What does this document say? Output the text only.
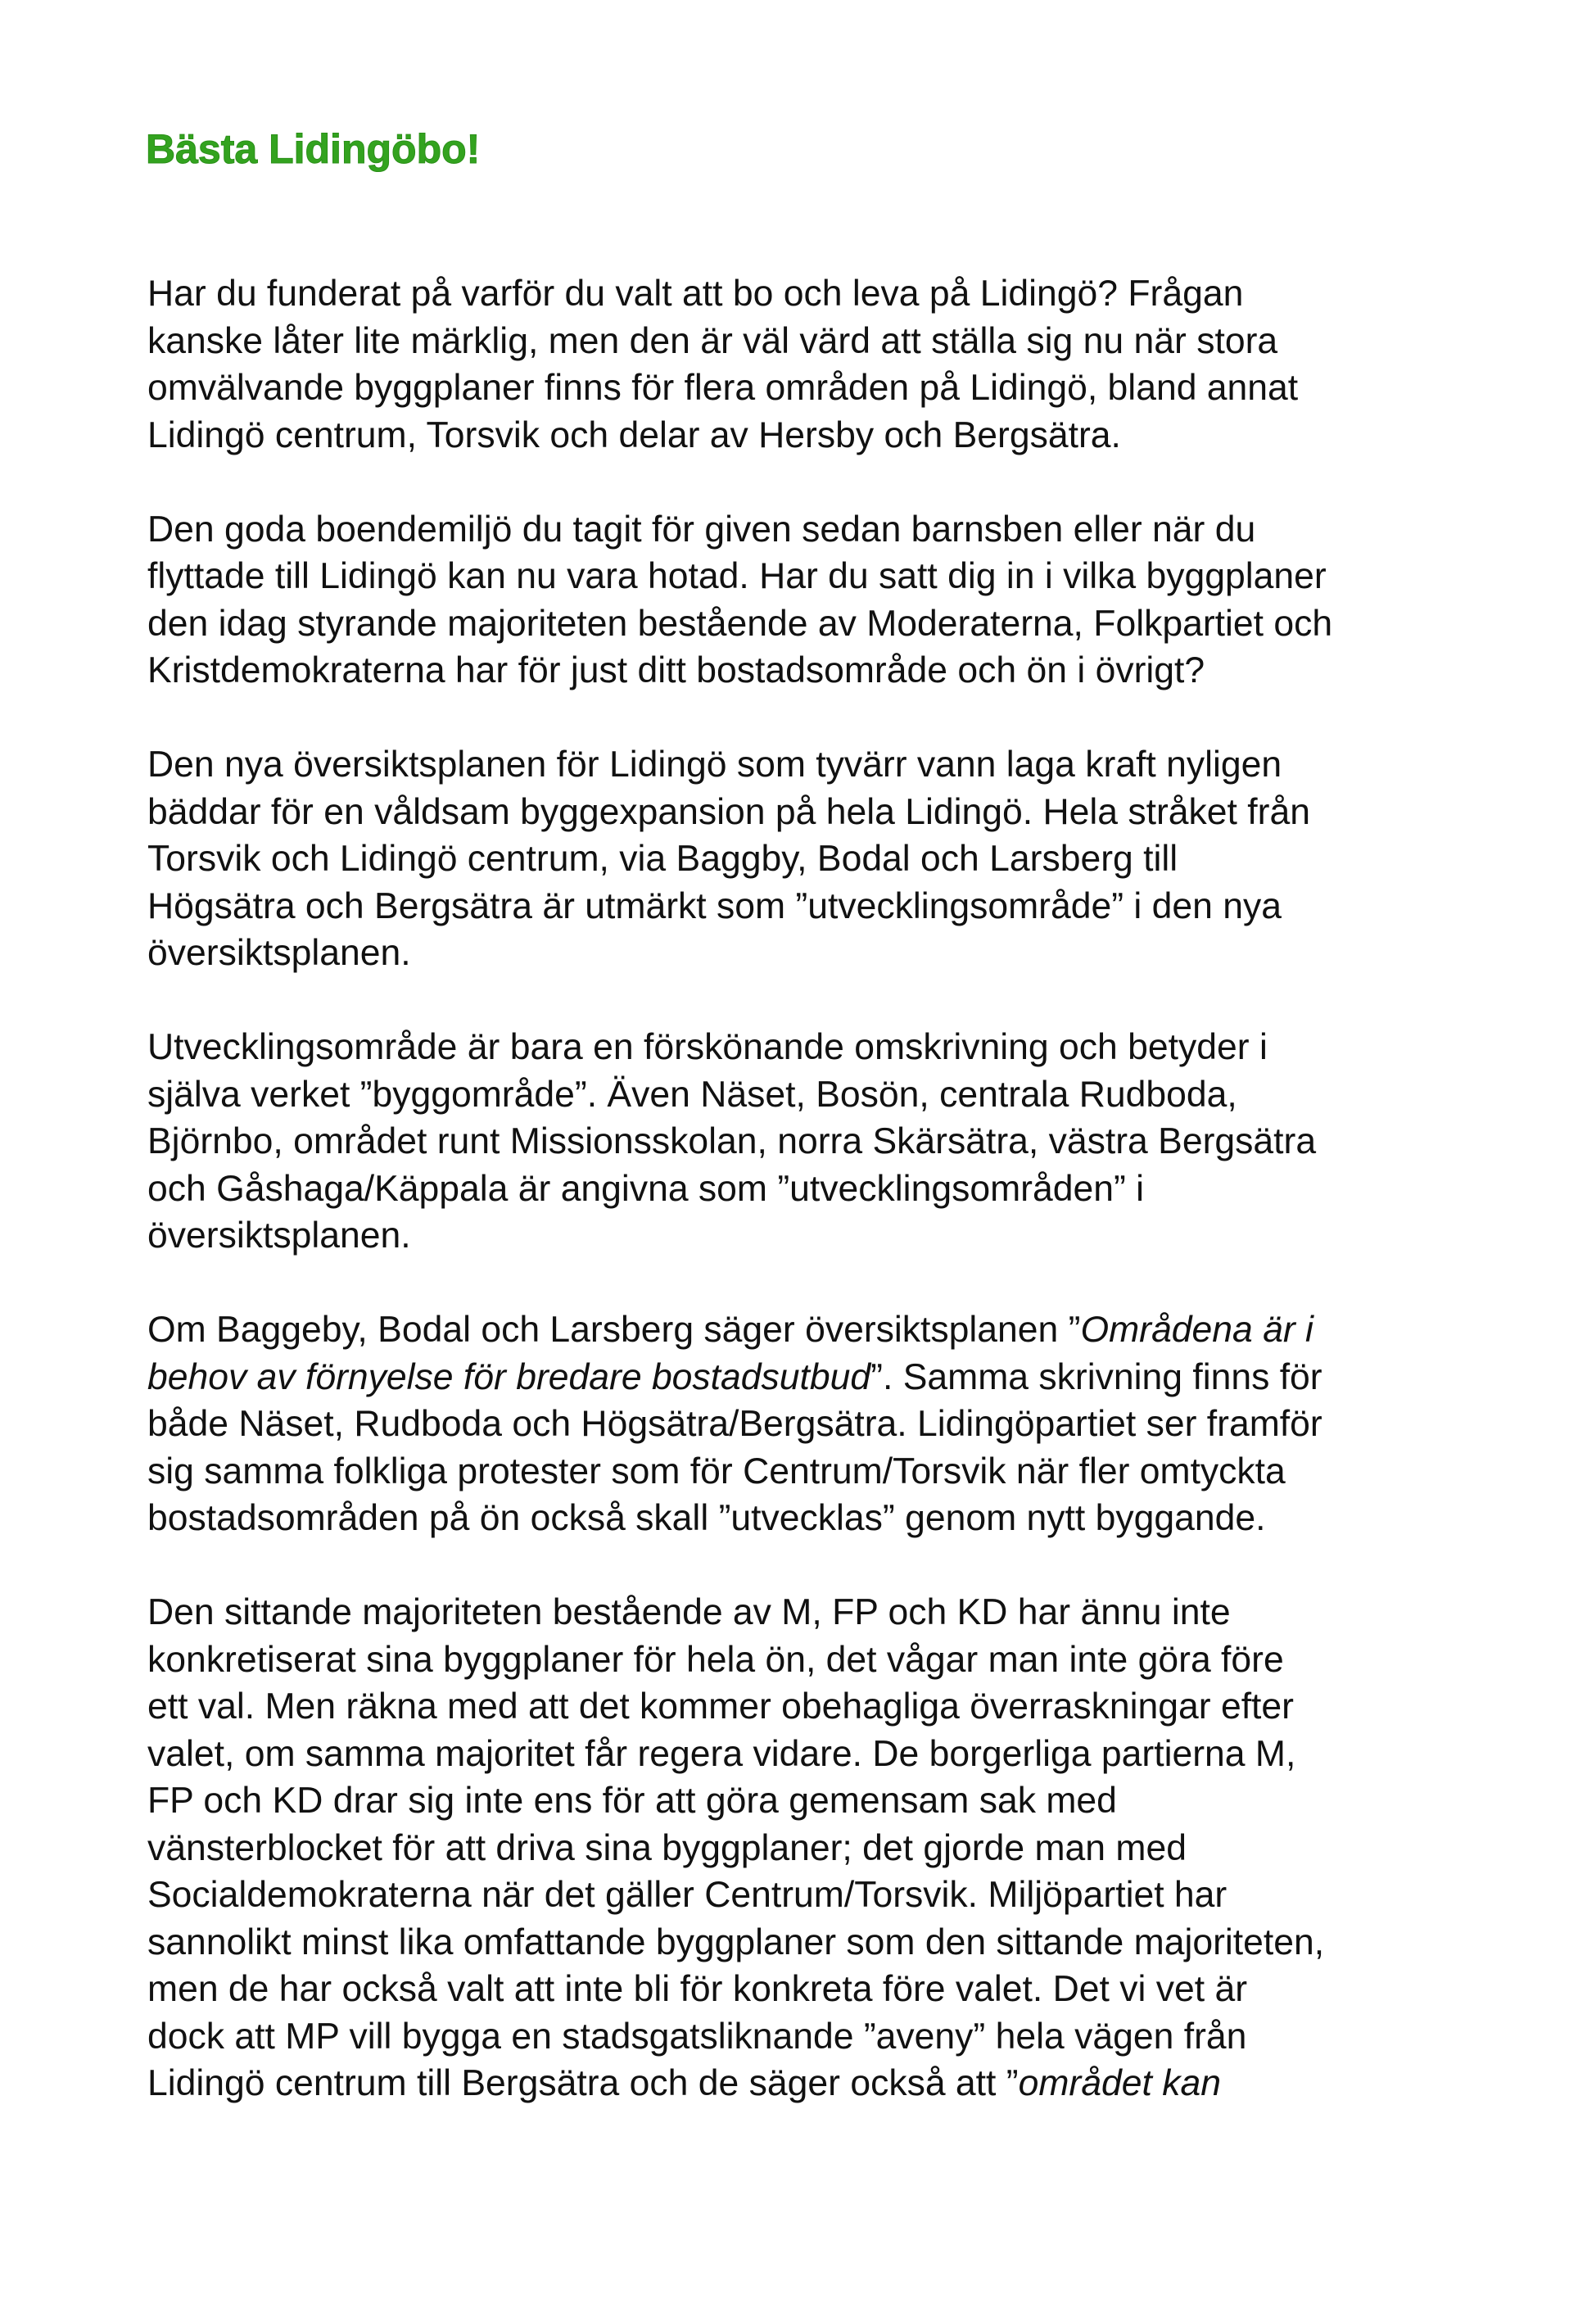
Bästa Lidingöbo!

Har du funderat på varför du valt att bo och leva på Lidingö? Frågan
kanske låter lite märklig, men den är väl värd att ställa sig nu när stora
omvälvande byggplaner finns för flera områden på Lidingö, bland annat
Lidingö centrum, Torsvik och delar av Hersby och Bergsätra.

Den goda boendemiljö du tagit för given sedan barnsben eller när du
flyttade till Lidingö kan nu vara hotad. Har du satt dig in i vilka byggplaner
den idag styrande majoriteten bestående av Moderaterna, Folkpartiet och
Kristdemokraterna har för just ditt bostadsområde och ön i övrigt?

Den nya översiktsplanen för Lidingö som tyvärr vann laga kraft nyligen
bäddar för en våldsam byggexpansion på hela Lidingö. Hela stråket från
Torsvik och Lidingö centrum, via Baggby, Bodal och Larsberg till
Högsätra och Bergsätra är utmärkt som ”utvecklingsområde” i den nya
översiktsplanen.

Utvecklingsområde är bara en förskönande omskrivning och betyder i
själva verket ”byggområde”. Även Näset, Bosön, centrala Rudboda,
Björnbo, området runt Missionsskolan, norra Skärsätra, västra Bergsätra
och Gåshaga/Käppala är angivna som ”utvecklingsområden” i
översiktsplanen.

Om Baggeby, Bodal och Larsberg säger översiktsplanen ”Områdena är i
behov av förnyelse för bredare bostadsutbud”. Samma skrivning finns för
både Näset, Rudboda och Högsätra/Bergsätra. Lidingöpartiet ser framför
sig samma folkliga protester som för Centrum/Torsvik när fler omtyckta
bostadsområden på ön också skall ”utvecklas” genom nytt byggande.

Den sittande majoriteten bestående av M, FP och KD har ännu inte
konkretiserat sina byggplaner för hela ön, det vågar man inte göra före
ett val. Men räkna med att det kommer obehagliga överraskningar efter
valet, om samma majoritet får regera vidare. De borgerliga partierna M,
FP och KD drar sig inte ens för att göra gemensam sak med
vänsterblocket för att driva sina byggplaner; det gjorde man med
Socialdemokraterna när det gäller Centrum/Torsvik. Miljöpartiet har
sannolikt minst lika omfattande byggplaner som den sittande majoriteten,
men de har också valt att inte bli för konkreta före valet. Det vi vet är
dock att MP vill bygga en stadsgatsliknande ”aveny” hela vägen från
Lidingö centrum till Bergsätra och de säger också att ”området kan
